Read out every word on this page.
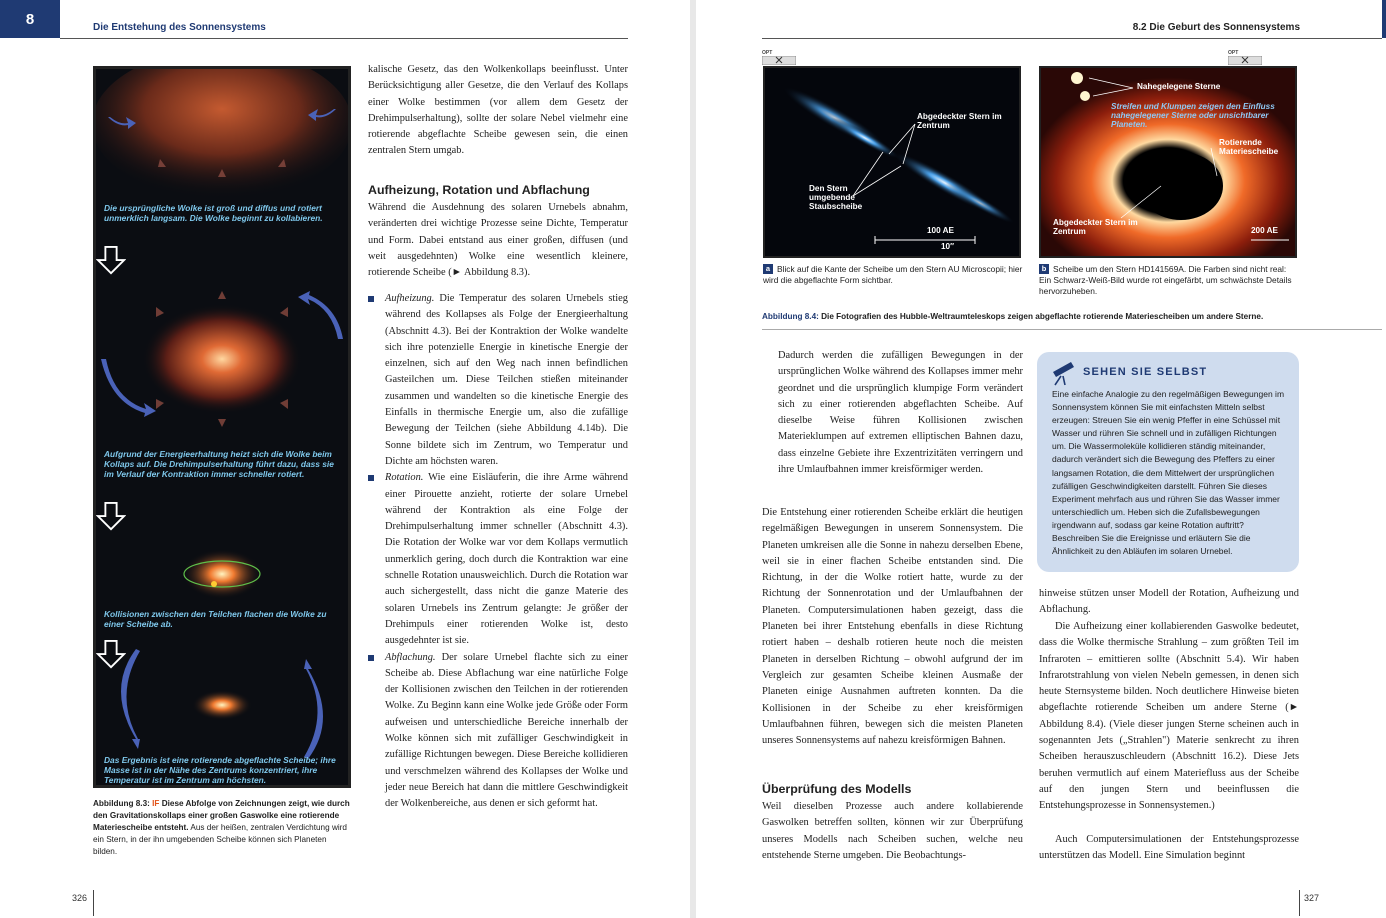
8	Die Entstehung des Sonnensystems
Die ursprüngliche Wolke ist groß und diffus und rotiert unmerklich langsam. Die Wolke beginnt zu kollabieren.
Aufgrund der Energieerhaltung heizt sich die Wolke beim Kollaps auf. Die Drehimpulserhaltung führt dazu, dass sie im Verlauf der Kontraktion immer schneller rotiert.
Kollisionen zwischen den Teilchen flachen die Wolke zu einer Scheibe ab.
Das Ergebnis ist eine rotierende abgeflachte Scheibe; ihre Masse ist in der Nähe des Zentrums konzentriert, ihre Temperatur ist im Zentrum am höchsten.
Abbildung 8.3: IF Diese Abfolge von Zeichnungen zeigt, wie durch den Gravitationskollaps einer großen Gaswolke eine rotierende Materiescheibe entsteht. Aus der heißen, zentralen Verdichtung wird ein Stern, in der ihn umgebenden Scheibe können sich Planeten bilden.
kalische Gesetz, das den Wolkenkollaps beeinflusst. Unter Berücksichtigung aller Gesetze, die den Verlauf des Kollaps einer Wolke bestimmen (vor allem dem Gesetz der Drehimpulserhaltung), sollte der solare Nebel vielmehr eine rotierende abgeflachte Scheibe gewesen sein, die einen zentralen Stern umgab.
Aufheizung, Rotation und Abflachung
Während die Ausdehnung des solaren Urnebels abnahm, veränderten drei wichtige Prozesse seine Dichte, Temperatur und Form. Dabei entstand aus einer großen, diffusen (und weit ausgedehnten) Wolke eine wesentlich kleinere, rotierende Scheibe (► Abbildung 8.3).
Aufheizung. Die Temperatur des solaren Urnebels stieg während des Kollapses als Folge der Energieerhaltung (Abschnitt 4.3). Bei der Kontraktion der Wolke wandelte sich ihre potenzielle Energie in kinetische Energie der einzelnen, sich auf den Weg nach innen befindlichen Gasteilchen um. Diese Teilchen stießen miteinander zusammen und wandelten so die kinetische Energie des Einfalls in thermische Energie um, also die zufällige Bewegung der Teilchen (siehe Abbildung 4.14b). Die Sonne bildete sich im Zentrum, wo Temperatur und Dichte am höchsten waren.
Rotation. Wie eine Eisläuferin, die ihre Arme während einer Pirouette anzieht, rotierte der solare Urnebel während der Kontraktion als eine Folge der Drehimpulserhaltung immer schneller (Abschnitt 4.3). Die Rotation der Wolke war vor dem Kollaps vermutlich unmerklich gering, doch durch die Kontraktion war eine schnelle Rotation unausweichlich. Durch die Rotation war auch sichergestellt, dass nicht die ganze Materie des solaren Urnebels ins Zentrum gelangte: Je größer der Drehimpuls einer rotierenden Wolke ist, desto ausgedehnter ist sie.
Abflachung. Der solare Urnebel flachte sich zu einer Scheibe ab. Diese Abflachung war eine natürliche Folge der Kollisionen zwischen den Teilchen in der rotierenden Wolke. Zu Beginn kann eine Wolke jede Größe oder Form aufweisen und unterschiedliche Bereiche innerhalb der Wolke können sich mit zufälliger Geschwindigkeit in zufällige Richtungen bewegen. Diese Bereiche kollidieren und verschmelzen während des Kollapses der Wolke und jeder neue Bereich hat dann die mittlere Geschwindigkeit der Wolkenbereiche, aus denen er sich geformt hat.
326
8.2 Die Geburt des Sonnensystems
OPT	OPT
Abgedeckter Stern im Zentrum
Den Stern umgebende Staubscheibe
100 AE
10″
Nahegelegene Sterne
Streifen und Klumpen zeigen den Einfluss nahegelegener Sterne oder unsichtbarer Planeten.
Rotierende Materiescheibe
Abgedeckter Stern im Zentrum	200 AE
a Blick auf die Kante der Scheibe um den Stern AU Microscopii; hier wird die abgeflachte Form sichtbar.
b Scheibe um den Stern HD141569A. Die Farben sind nicht real: Ein Schwarz-Weiß-Bild wurde rot eingefärbt, um schwächste Details hervorzuheben.
Abbildung 8.4: Die Fotografien des Hubble-Weltraumteleskops zeigen abgeflachte rotierende Materiescheiben um andere Sterne.
Dadurch werden die zufälligen Bewegungen in der ursprünglichen Wolke während des Kollapses immer mehr geordnet und die ursprünglich klumpige Form verändert sich zu einer rotierenden abgeflachten Scheibe. Auf dieselbe Weise führen Kollisionen zwischen Materieklumpen auf extremen elliptischen Bahnen dazu, dass einzelne Gebiete ihre Exzentrizitäten verringern und ihre Umlaufbahnen immer kreisförmiger werden.
Die Entstehung einer rotierenden Scheibe erklärt die heutigen regelmäßigen Bewegungen in unserem Sonnensystem. Die Planeten umkreisen alle die Sonne in nahezu derselben Ebene, weil sie in einer flachen Scheibe entstanden sind. Die Richtung, in der die Wolke rotiert hatte, wurde zu der Richtung der Sonnenrotation und der Umlaufbahnen der Planeten. Computersimulationen haben gezeigt, dass die Planeten bei ihrer Entstehung ebenfalls in diese Richtung rotiert haben – deshalb rotieren heute noch die meisten Planeten in derselben Richtung – obwohl aufgrund der im Vergleich zur gesamten Scheibe kleinen Ausmaße der Planeten einige Ausnahmen auftreten konnten. Da die Kollisionen in der Scheibe zu eher kreisförmigen Umlaufbahnen führen, bewegen sich die meisten Planeten unseres Sonnensystems auf nahezu kreisförmigen Bahnen.
Überprüfung des Modells
Weil dieselben Prozesse auch andere kollabierende Gaswolken betreffen sollten, können wir zur Überprüfung unseres Modells nach Scheiben suchen, welche neu entstehende Sterne umgeben. Die Beobachtungs-
SEHEN SIE SELBST
Eine einfache Analogie zu den regelmäßigen Bewegungen im Sonnensystem können Sie mit einfachsten Mitteln selbst erzeugen: Streuen Sie ein wenig Pfeffer in eine Schüssel mit Wasser und rühren Sie schnell und in zufälligen Richtungen um. Die Wassermoleküle kollidieren ständig miteinander, dadurch verändert sich die Bewegung des Pfeffers zu einer langsamen Rotation, die dem Mittelwert der ursprünglichen zufälligen Geschwindigkeiten darstellt. Führen Sie dieses Experiment mehrfach aus und rühren Sie das Wasser immer unterschiedlich um. Heben sich die Zufallsbewegungen irgendwann auf, sodass gar keine Rotation auftritt? Beschreiben Sie die Ereignisse und erläutern Sie die Ähnlichkeit zu den Abläufen im solaren Urnebel.
hinweise stützen unser Modell der Rotation, Aufheizung und Abflachung.
Die Aufheizung einer kollabierenden Gaswolke bedeutet, dass die Wolke thermische Strahlung – zum größten Teil im Infraroten – emittieren sollte (Abschnitt 5.4). Wir haben Infrarotstrahlung von vielen Nebeln gemessen, in denen sich heute Sternsysteme bilden. Noch deutlichere Hinweise bieten abgeflachte rotierende Scheiben um andere Sterne (► Abbildung 8.4). (Viele dieser jungen Sterne scheinen auch in sogenannten Jets („Strahlen") Materie senkrecht zu ihren Scheiben herauszuschleudern (Abschnitt 16.2). Diese Jets beruhen vermutlich auf einem Materiefluss aus der Scheibe auf den jungen Stern und beeinflussen die Entstehungsprozesse in Sonnensystemen.)
Auch Computersimulationen der Entstehungsprozesse unterstützen das Modell. Eine Simulation beginnt
327
